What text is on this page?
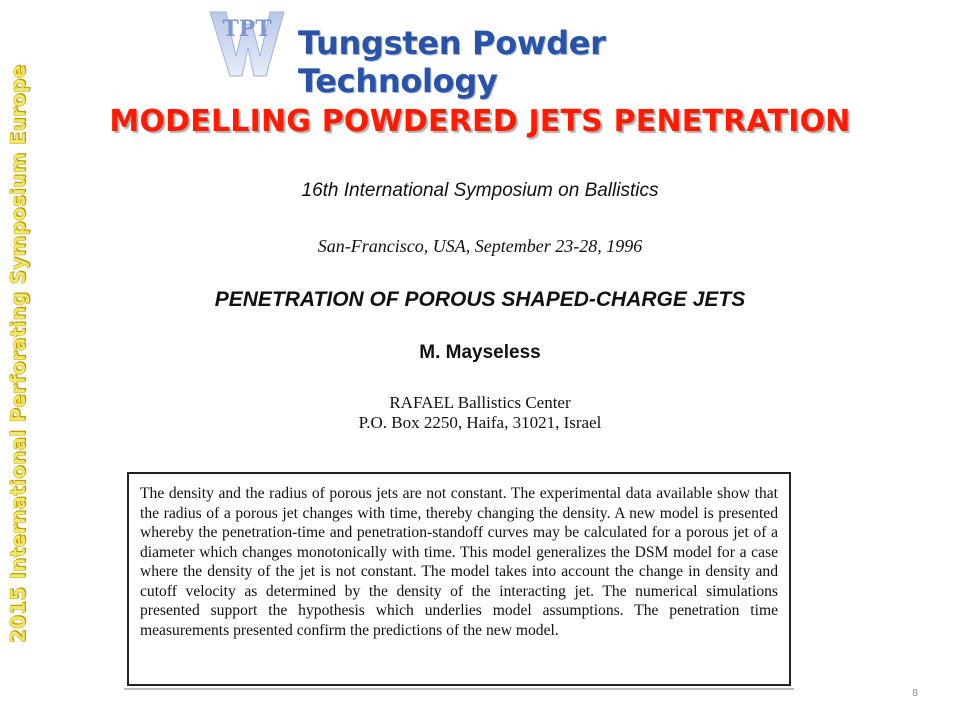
2015 International Perforating Symposium Europe
TPT Tungsten Powder Technology
MODELLING POWDERED JETS PENETRATION
16th International Symposium on Ballistics
San-Francisco, USA, September 23-28, 1996
PENETRATION OF POROUS SHAPED-CHARGE JETS
M. Mayseless
RAFAEL Ballistics Center
P.O. Box 2250, Haifa, 31021, Israel

The density and the radius of porous jets are not constant. The experimental data available show that the radius of a porous jet changes with time, thereby changing the density. A new model is presented whereby the penetration-time and penetration-standoff curves may be calculated for a porous jet of a diameter which changes monotonically with time. This model generalizes the DSM model for a case where the density of the jet is not constant. The model takes into account the change in density and cutoff velocity as determined by the density of the interacting jet. The numerical simulations presented support the hypothesis which underlies model assumptions. The penetration time measurements presented confirm the predictions of the new model.

8
